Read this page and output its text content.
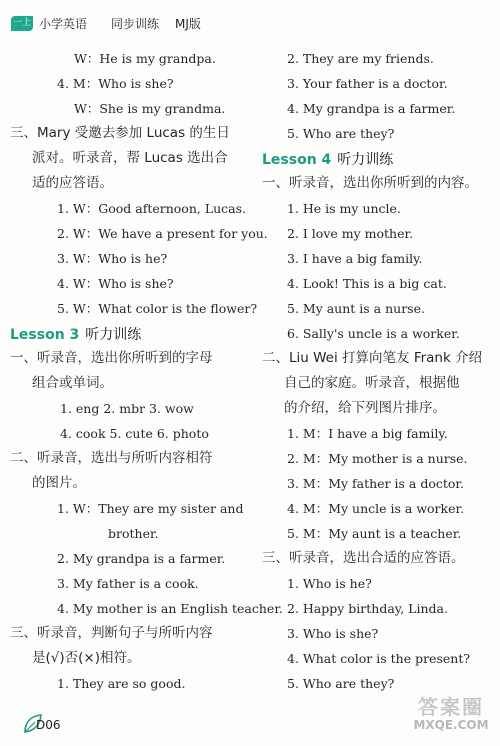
一上 小学英语 同步训练 MJ版
W：He is my grandpa.
4. M：Who is she?
W：She is my grandma.
三、Mary 受邀去参加 Lucas 的生日
派对。听录音，帮 Lucas 选出合
适的应答语。
1. W：Good afternoon, Lucas.
2. W：We have a present for you.
3. W：Who is he?
4. W：Who is she?
5. W：What color is the flower?
Lesson 3 听力训练
一、听录音，选出你所听到的字母
组合或单词。
1. eng 2. mbr 3. wow
4. cook 5. cute 6. photo
二、听录音，选出与所听内容相符
的图片。
1. W：They are my sister and
brother.
2. My grandpa is a farmer.
3. My father is a cook.
4. My mother is an English teacher.
三、听录音，判断句子与所听内容
是(√)否(×)相符。
1. They are so good.
2. They are my friends.
3. Your father is a doctor.
4. My grandpa is a farmer.
5. Who are they?
Lesson 4 听力训练
一、听录音，选出你所听到的内容。
1. He is my uncle.
2. I love my mother.
3. I have a big family.
4. Look! This is a big cat.
5. My aunt is a nurse.
6. Sally's uncle is a worker.
二、Liu Wei 打算向笔友 Frank 介绍
自己的家庭。听录音，根据他
的介绍，给下列图片排序。
1. M：I have a big family.
2. M：My mother is a nurse.
3. M：My father is a doctor.
4. M：My uncle is a worker.
5. M：My aunt is a teacher.
三、听录音，选出合适的应答语。
1. Who is he?
2. Happy birthday, Linda.
3. Who is she?
4. What color is the present?
5. Who are they?
D06
答案圈
MXQE.COM
